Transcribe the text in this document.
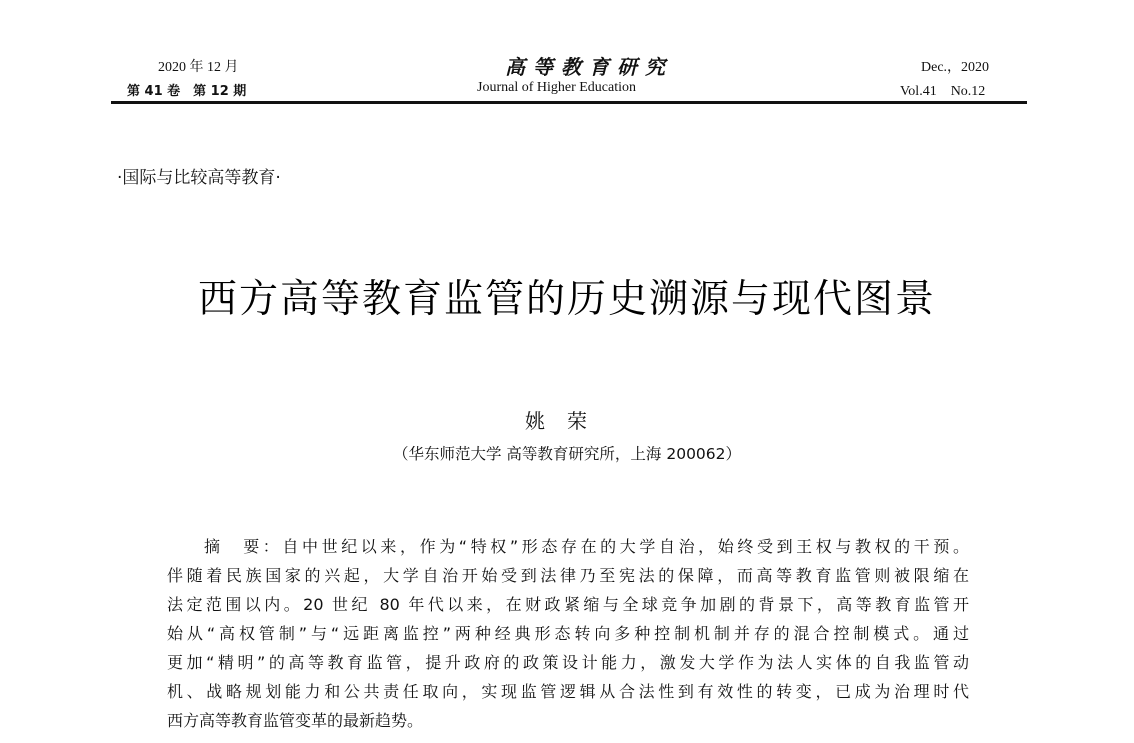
2020 年 12 月
第 41 卷　第 12 期
高等教育研究
Journal of Higher Education
Dec.，2020
Vol.41　No.12
·国际与比较高等教育·
西方高等教育监管的历史溯源与现代图景
姚荣
（华东师范大学 高等教育研究所，上海 200062）
摘　要：自中世纪以来，作为“特权”形态存在的大学自治，始终受到王权与教权的干预。
伴随着民族国家的兴起，大学自治开始受到法律乃至宪法的保障，而高等教育监管则被限缩在
法定范围以内。20 世纪 80 年代以来，在财政紧缩与全球竞争加剧的背景下，高等教育监管开
始从“高权管制”与“远距离监控”两种经典形态转向多种控制机制并存的混合控制模式。通过
更加“精明”的高等教育监管，提升政府的政策设计能力，激发大学作为法人实体的自我监管动
机、战略规划能力和公共责任取向，实现监管逻辑从合法性到有效性的转变，已成为治理时代
西方高等教育监管变革的最新趋势。
